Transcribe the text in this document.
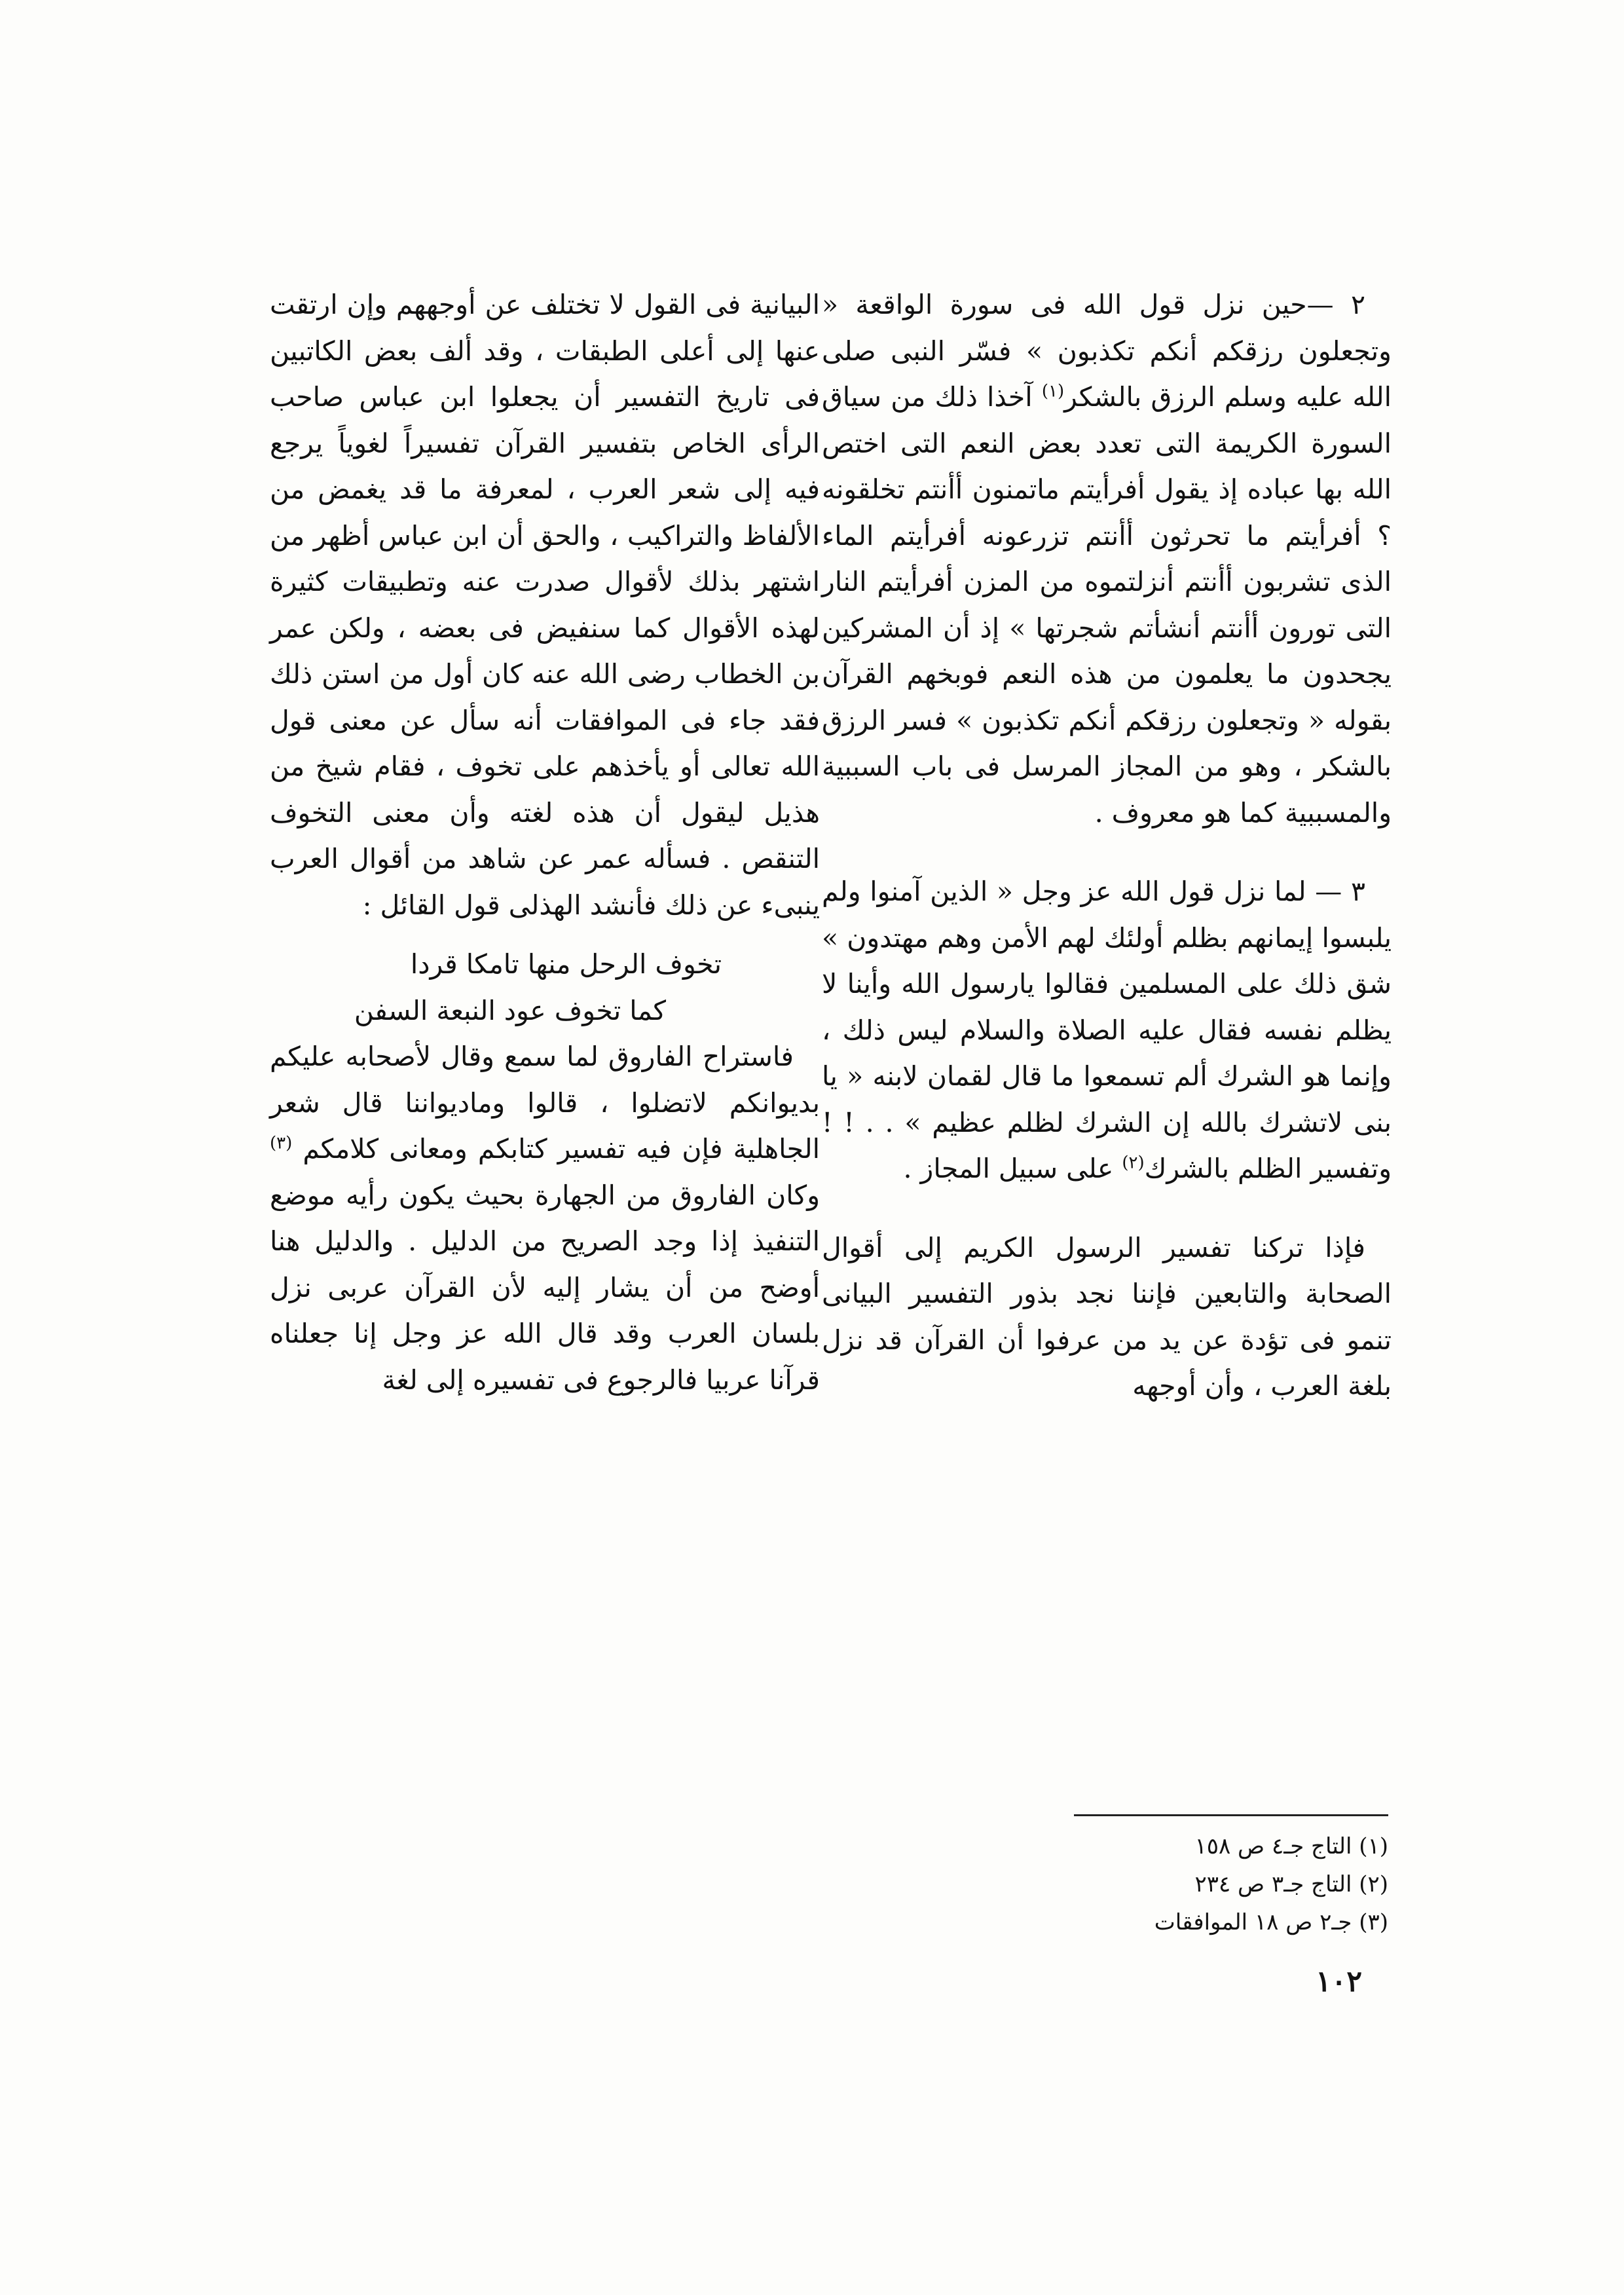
٢ —حين نزل قول الله فى سورة الواقعة « وتجعلون رزقكم أنكم تكذبون » فسّر النبى صلى الله عليه وسلم الرزق بالشكر$^{(١)}$ آخذا ذلك من سياق السورة الكريمة التى تعدد بعض النعم التى اختص الله بها عباده إذ يقول أفرأيتم ماتمنون أأنتم تخلقونه ؟ أفرأيتم ما تحرثون أأنتم تزرعونه أفرأيتم الماء الذى تشربون أأنتم أنزلتموه من المزن أفرأيتم النار التى تورون أأنتم أنشأتم شجرتها » إذ أن المشركين يجحدون ما يعلمون من هذه النعم فوبخهم القرآن بقوله « وتجعلون رزقكم أنكم تكذبون » فسر الرزق بالشكر ، وهو من المجاز المرسل فى باب السببية والمسببية كما هو معروف .

٣ — لما نزل قول الله عز وجل « الذين آمنوا ولم يلبسوا إيمانهم بظلم أولئك لهم الأمن وهم مهتدون » شق ذلك على المسلمين فقالوا يارسول الله وأينا لا يظلم نفسه فقال عليه الصلاة والسلام ليس ذلك ، وإنما هو الشرك ألم تسمعوا ما قال لقمان لابنه « يا بنى لاتشرك بالله إن الشرك لظلم عظيم » . . ! ! وتفسير الظلم بالشرك$^{(٢)}$ على سبيل المجاز .

فإذا تركنا تفسير الرسول الكريم إلى أقوال الصحابة والتابعين فإننا نجد بذور التفسير البيانى تنمو فى تؤدة عن يد من عرفوا أن القرآن قد نزل بلغة العرب ، وأن أوجهه

البيانية فى القول لا تختلف عن أوجههم وإن ارتقت عنها إلى أعلى الطبقات ، وقد ألف بعض الكاتبين فى تاريخ التفسير أن يجعلوا ابن عباس صاحب الرأى الخاص بتفسير القرآن تفسيراً لغوياً يرجع فيه إلى شعر العرب ، لمعرفة ما قد يغمض من الألفاظ والتراكيب ، والحق أن ابن عباس أظهر من اشتهر بذلك لأقوال صدرت عنه وتطبيقات كثيرة لهذه الأقوال كما سنفيض فى بعضه ، ولكن عمر بن الخطاب رضى الله عنه كان أول من استن ذلك فقد جاء فى الموافقات أنه سأل عن معنى قول الله تعالى أو يأخذهم على تخوف ، فقام شيخ من هذيل ليقول أن هذه لغته وأن معنى التخوف التنقص . فسأله عمر عن شاهد من أقوال العرب ينبىء عن ذلك فأنشد الهذلى قول القائل :

تخوف الرحل منها تامكا قردا
كما تخوف عود النبعة السفن

فاستراح الفاروق لما سمع وقال لأصحابه عليكم بديوانكم لاتضلوا ، قالوا وماديواننا قال شعر الجاهلية فإن فيه تفسير كتابكم ومعانى كلامكم $^{(٣)}$ وكان الفاروق من الجهارة بحيث يكون رأيه موضع التنفيذ إذا وجد الصريح من الدليل . والدليل هنا أوضح من أن يشار إليه لأن القرآن عربى نزل بلسان العرب وقد قال الله عز وجل إنا جعلناه قرآنا عربيا فالرجوع فى تفسيره إلى لغة

(١) التاج جـ٤ ص ١٥٨
(٢) التاج جـ٣ ص ٢٣٤
(٣) جـ٢ ص ١٨ الموافقات
١٠٢
